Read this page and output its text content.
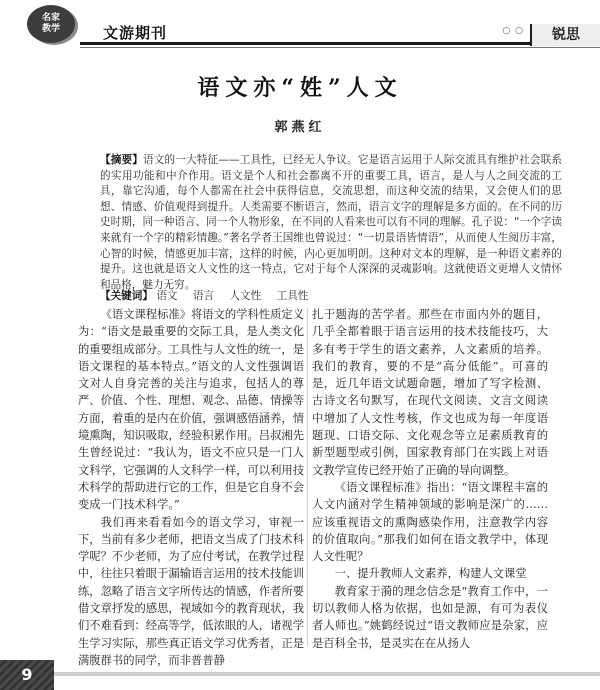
名家
教学	文游期刊	○ ○	锐思
语文亦“姓”人文
郭燕红
【摘要】语文的一大特征——工具性，已经无人争议。它是语言运用于人际交流具有维护社会联系的实用功能和中介作用。语文是个人和社会都离不开的重要工具，语言，是人与人之间交流的工具，靠它沟通，每个人都需在社会中获得信息，交流思想，而这种交流的结果，又会使人们的思想、情感、价值观得到提升。人类需要不断语言，然而，语言文字的理解是多方面的。在不同的历史时期，同一种语言、同一个人物形象，在不同的人看来也可以有不同的理解。孔子说：“一个字读来就有一个字的精彩情趣。”著名学者王国维也曾说过：“一切景语皆情语”，从而使人生阅历丰富，心智的时候，情感更加丰富，这样的时候，内心更加明朗。这种对文本的理解，是一种语文素养的提升。这也就是语文人文性的这一特点，它对于每个人深深的灵魂影响。这就使语文更增人文情怀和品格，魅力无穷。
【关键词】 语文 语言 人文性 工具性

《语文课程标准》将语文的学科性质定义为：“语文是最重要的交际工具，是人类文化的重要组成部分。工具性与人文性的统一，是语文课程的基本特点。”语文的人文性强调语文对人自身完善的关注与追求，包括人的尊严、价值、个性、理想、观念、品德、情操等方面，着重的是内在价值，强调感悟涵养，情境熏陶，知识吸取，经验积累作用。吕叔湘先生曾经说过：“我认为，语文不应只是一门人文科学，它强调的人文科学一样，可以利用技术科学的帮助进行它的工作，但是它自身不会变成一门技术科学。”

我们再来看看如今的语文学习，审视一下，当前有多少老师，把语文当成了门技术科学呢？不少老师，为了应付考试，在教学过程中，往往只着眼于漏输语言运用的技术技能训练，忽略了语言文字所传达的情感，作者所要借文章抒发的感思，视域如今的教育现状，我们不难看到：经高等学，低浓眼的人，诸视学生学习实际，那些真正语文学习优秀者，正是满腹群书的同学，而非普普静

扎于题海的苦学者。那些在市面内外的题目，几乎全都着眼于语言运用的技术技能技巧，大多有考于学生的语文素养，人文素质的培养。我们的教育，要的不是“高分低能”。可喜的是，近几年语文试题命题，增加了写字检测、古诗文名句默写，在现代文阅读、文言文阅读中增加了人文性考核，作文也成为每一年度语题现、口语交际、文化观念等立足素质教育的新型题型或引例，国家教育部门在实践上对语文教学宣传已经开始了正确的导向调整。

《语文课程标准》指出：“语文课程丰富的人文内涵对学生精神领域的影响是深广的……应该重视语文的熏陶感染作用，注意教学内容的价值取向。”那我们如何在语文教学中，体现人文性呢？

一、提升教师人文素养，构建人文课堂

教育家于漪的理念信念是“教育工作中，一切以教师人格为依据，也如是源，有可为表仪者人师也。”姚鹤经说过“语文教师应是杂家，应是百科全书，是灵实在在从扬人

9
